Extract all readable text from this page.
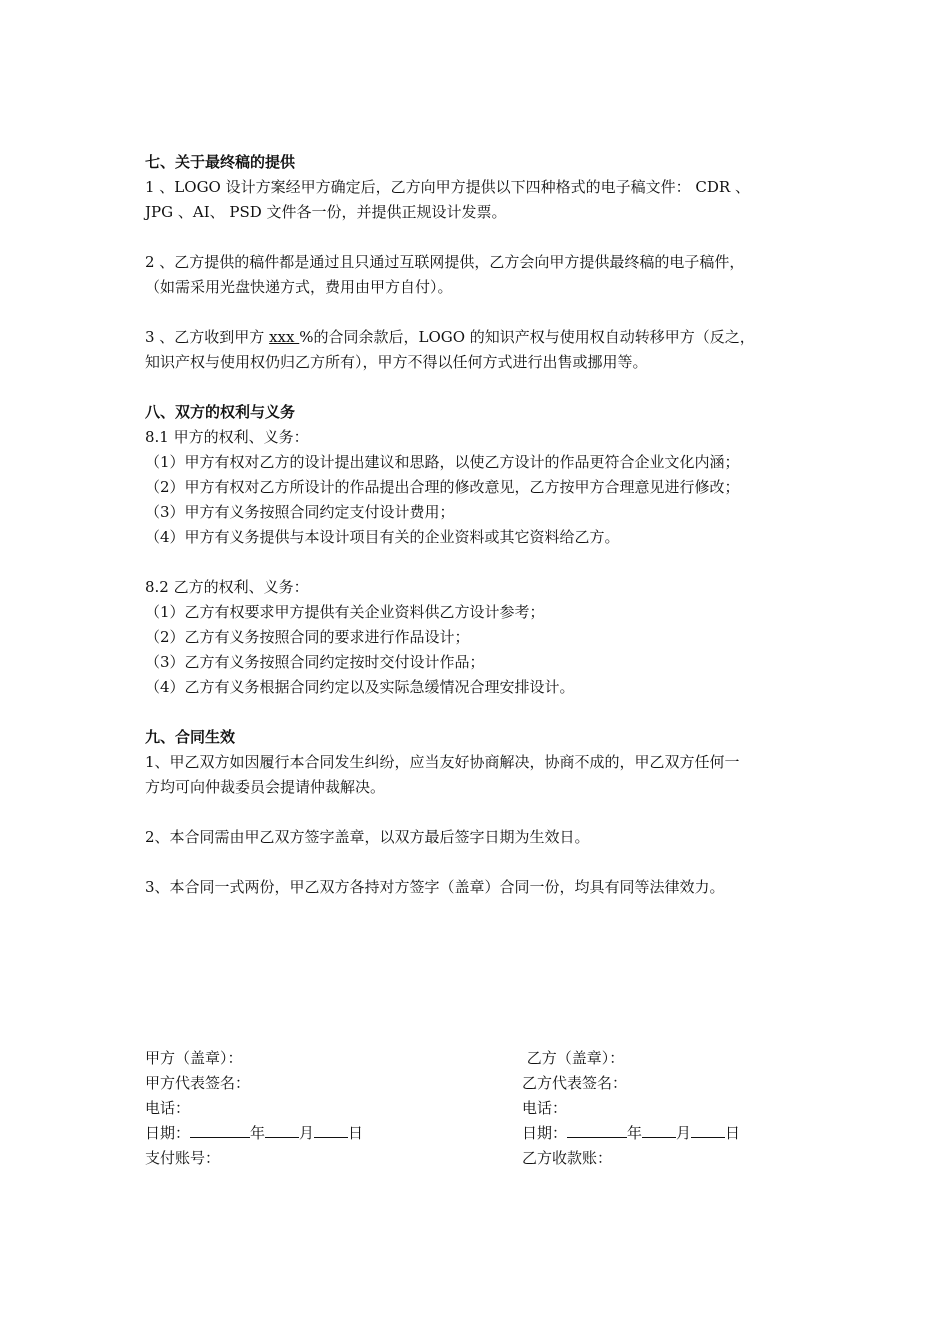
七、关于最终稿的提供

1 、LOGO 设计方案经甲方确定后，乙方向甲方提供以下四种格式的电子稿文件： CDR 、

JPG 、AI、 PSD 文件各一份，并提供正规设计发票。

2 、乙方提供的稿件都是通过且只通过互联网提供，乙方会向甲方提供最终稿的电子稿件，

（如需采用光盘快递方式，费用由甲方自付）。

3 、乙方收到甲方 xxx %的合同余款后，LOGO 的知识产权与使用权自动转移甲方（反之，

知识产权与使用权仍归乙方所有），甲方不得以任何方式进行出售或挪用等。

八、双方的权利与义务

8.1 甲方的权利、义务：

（1）甲方有权对乙方的设计提出建议和思路，以使乙方设计的作品更符合企业文化内涵；

（2）甲方有权对乙方所设计的作品提出合理的修改意见，乙方按甲方合理意见进行修改；

（3）甲方有义务按照合同约定支付设计费用；

（4）甲方有义务提供与本设计项目有关的企业资料或其它资料给乙方。

8.2 乙方的权利、义务：

（1）乙方有权要求甲方提供有关企业资料供乙方设计参考；

（2）乙方有义务按照合同的要求进行作品设计；

（3）乙方有义务按照合同约定按时交付设计作品；

（4）乙方有义务根据合同约定以及实际急缓情况合理安排设计。

九、合同生效

1、甲乙双方如因履行本合同发生纠纷，应当友好协商解决，协商不成的，甲乙双方任何一

方均可向仲裁委员会提请仲裁解决。

2、本合同需由甲乙双方签字盖章，以双方最后签字日期为生效日。

3、本合同一式两份，甲乙双方各持对方签字（盖章）合同一份，均具有同等法律效力。

甲方（盖章）：
甲方代表签名：
电话：
日期：	年 月 日
支付账号：
乙方（盖章）：
乙方代表签名：
电话：
日期：	年 月 日
乙方收款账：
